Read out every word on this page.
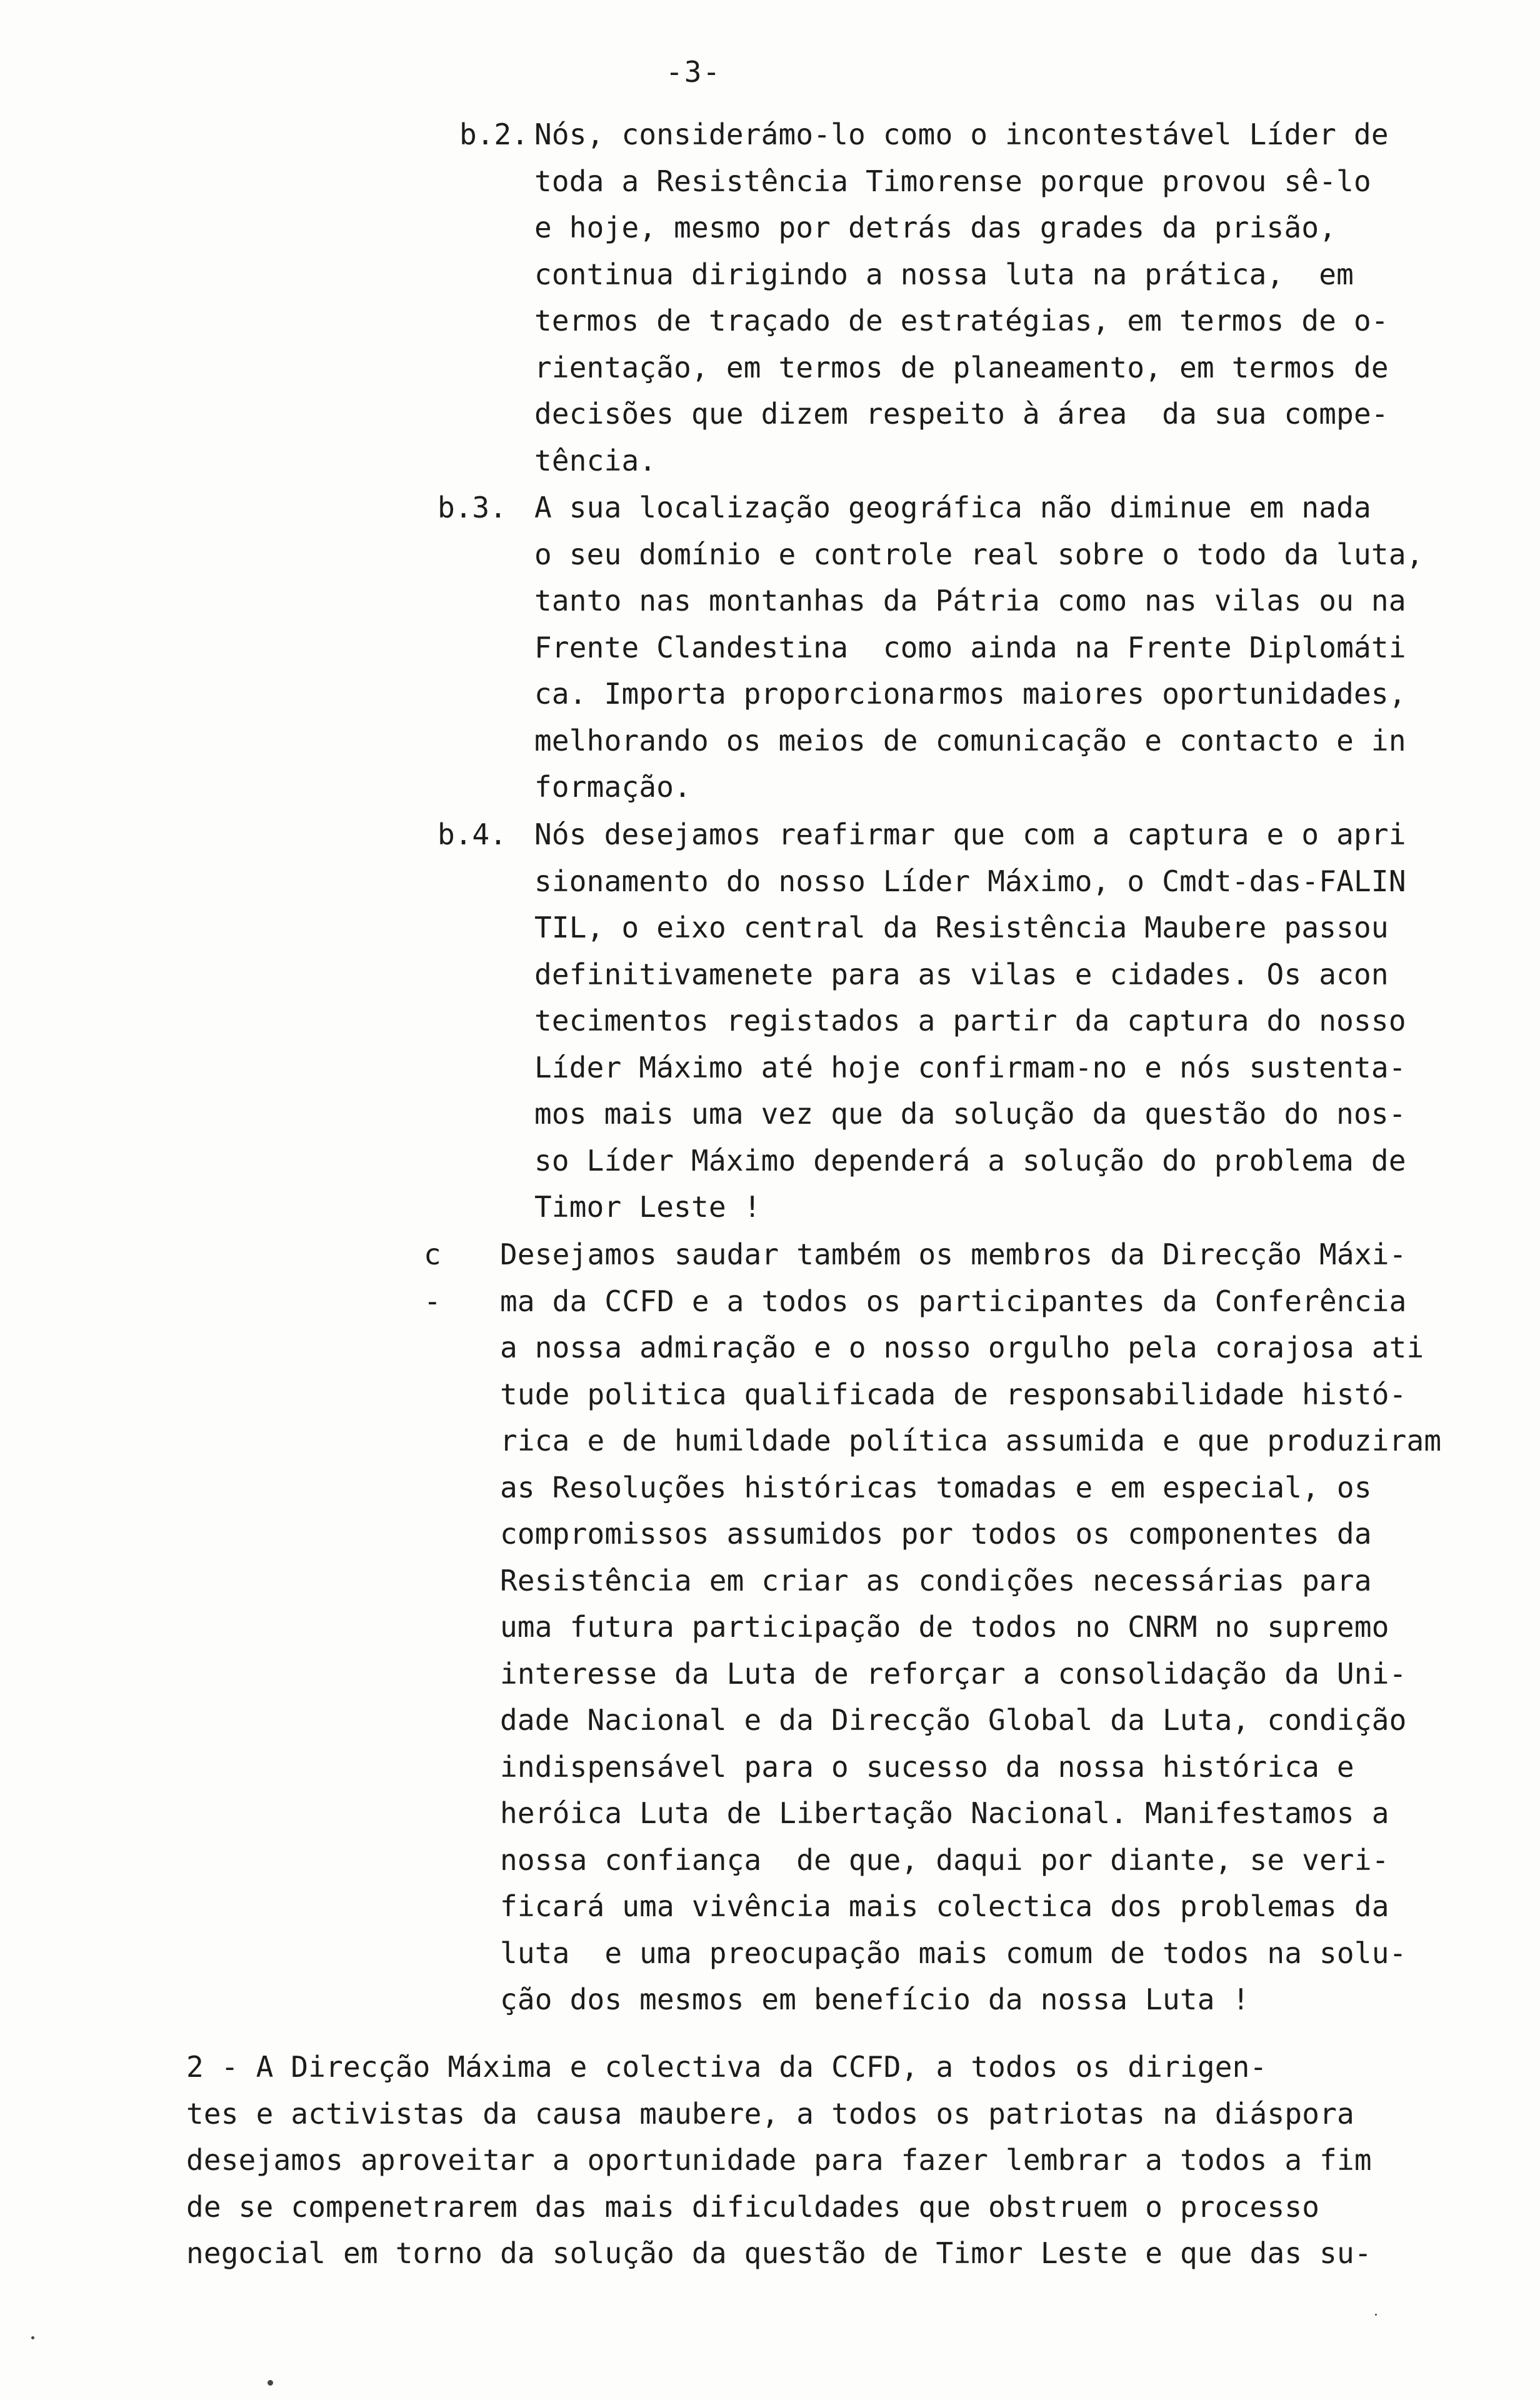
-3-
b.2. Nós, considerámo-lo como o incontestável Líder de
toda a Resistência Timorense porque provou sê-lo
e hoje, mesmo por detrás das grades da prisão,
continua dirigindo a nossa luta na prática,  em
termos de traçado de estratégias, em termos de o-
rientação, em termos de planeamento, em termos de
decisões que dizem respeito à área  da sua compe-
tência.
b.3. A sua localização geográfica não diminue em nada
o seu domínio e controle real sobre o todo da luta,
tanto nas montanhas da Pátria como nas vilas ou na
Frente Clandestina  como ainda na Frente Diplomáti
ca. Importa proporcionarmos maiores oportunidades,
melhorando os meios de comunicação e contacto e in
formação.
b.4. Nós desejamos reafirmar que com a captura e o apri
sionamento do nosso Líder Máximo, o Cmdt-das-FALIN
TIL, o eixo central da Resistência Maubere passou
definitivamenete para as vilas e cidades. Os acon
tecimentos registados a partir da captura do nosso
Líder Máximo até hoje confirmam-no e nós sustenta-
mos mais uma vez que da solução da questão do nos-
so Líder Máximo dependerá a solução do problema de
Timor Leste !
c -
Desejamos saudar também os membros da Direcção Máxi-
ma da CCFD e a todos os participantes da Conferência
a nossa admiração e o nosso orgulho pela corajosa ati
tude politica qualificada de responsabilidade histó-
rica e de humildade política assumida e que produziram
as Resoluções históricas tomadas e em especial, os
compromissos assumidos por todos os componentes da
Resistência em criar as condições necessárias para
uma futura participação de todos no CNRM no supremo
interesse da Luta de reforçar a consolidação da Uni-
dade Nacional e da Direcção Global da Luta, condição
indispensável para o sucesso da nossa histórica e
heróica Luta de Libertação Nacional. Manifestamos a
nossa confiança  de que, daqui por diante, se veri-
ficará uma vivência mais colectica dos problemas da
luta  e uma preocupação mais comum de todos na solu-
ção dos mesmos em benefício da nossa Luta !
2 - A Direcção Máxima e colectiva da CCFD, a todos os dirigen-
tes e activistas da causa maubere, a todos os patriotas na diáspora
desejamos aproveitar a oportunidade para fazer lembrar a todos a fim
de se compenetrarem das mais dificuldades que obstruem o processo
negocial em torno da solução da questão de Timor Leste e que das su-
